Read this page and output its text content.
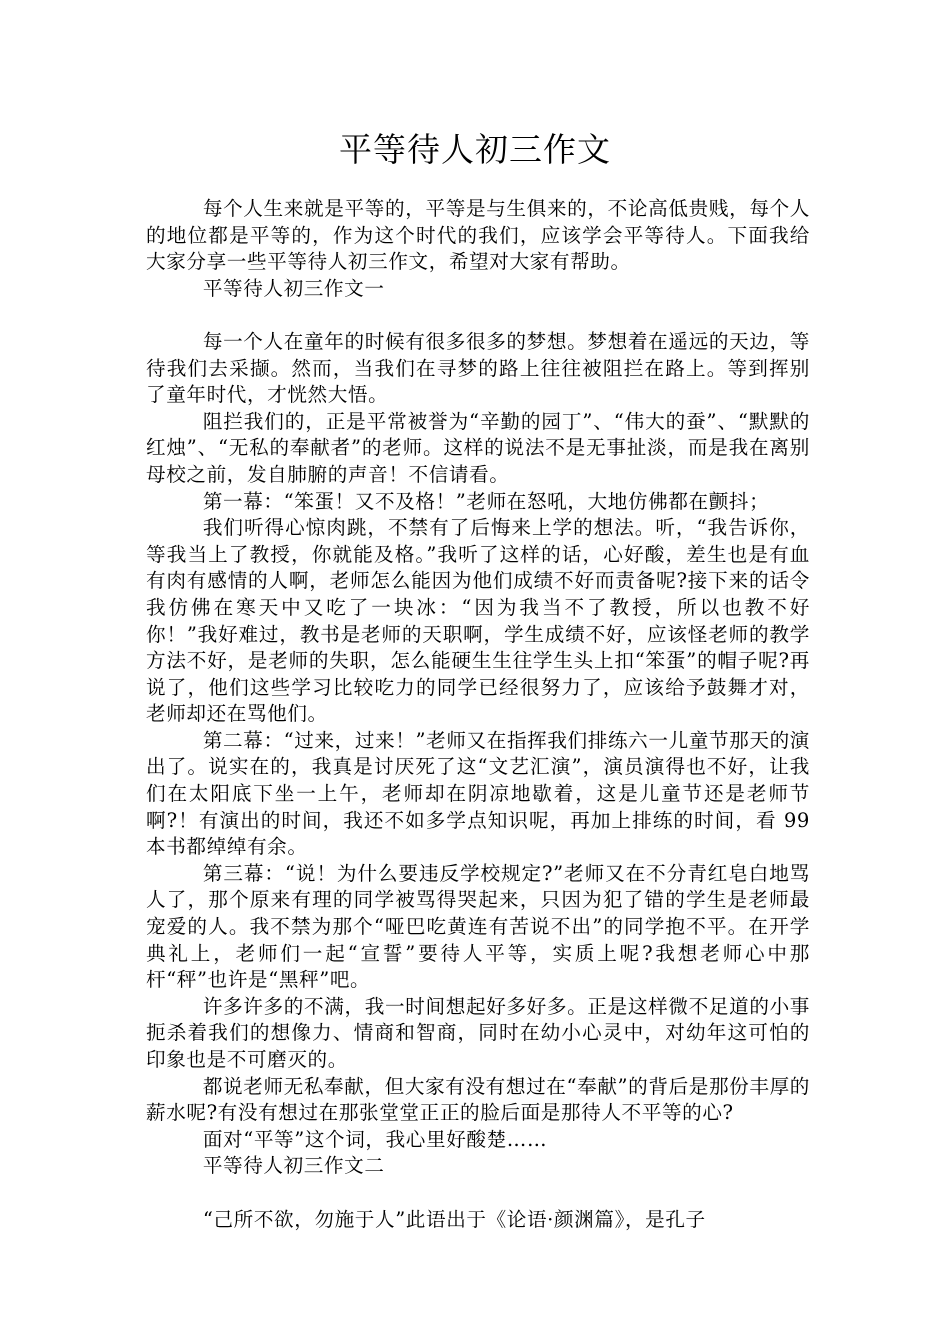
平等待人初三作文

每个人生来就是平等的，平等是与生俱来的，不论高低贵贱，每个人的地位都是平等的，作为这个时代的我们，应该学会平等待人。下面我给大家分享一些平等待人初三作文，希望对大家有帮助。

平等待人初三作文一

每一个人在童年的时候有很多很多的梦想。梦想着在遥远的天边，等待我们去采撷。然而，当我们在寻梦的路上往往被阻拦在路上。等到挥别了童年时代，才恍然大悟。

阻拦我们的，正是平常被誉为“辛勤的园丁”、“伟大的蚕”、“默默的红烛”、“无私的奉献者”的老师。这样的说法不是无事扯淡，而是我在离别母校之前，发自肺腑的声音！不信请看。

第一幕：“笨蛋！又不及格！”老师在怒吼，大地仿佛都在颤抖；

我们听得心惊肉跳，不禁有了后悔来上学的想法。听，“我告诉你，等我当上了教授，你就能及格。”我听了这样的话，心好酸，差生也是有血有肉有感情的人啊，老师怎么能因为他们成绩不好而责备呢?接下来的话令我仿佛在寒天中又吃了一块冰：“因为我当不了教授，所以也教不好你！”我好难过，教书是老师的天职啊，学生成绩不好，应该怪老师的教学方法不好，是老师的失职，怎么能硬生生往学生头上扣“笨蛋”的帽子呢?再说了，他们这些学习比较吃力的同学已经很努力了，应该给予鼓舞才对，老师却还在骂他们。

第二幕：“过来，过来！”老师又在指挥我们排练六一儿童节那天的演出了。说实在的，我真是讨厌死了这“文艺汇演”，演员演得也不好，让我们在太阳底下坐一上午，老师却在阴凉地歇着，这是儿童节还是老师节啊?！有演出的时间，我还不如多学点知识呢，再加上排练的时间，看 99 本书都绰绰有余。

第三幕：“说！为什么要违反学校规定?”老师又在不分青红皂白地骂人了，那个原来有理的同学被骂得哭起来，只因为犯了错的学生是老师最宠爱的人。我不禁为那个“哑巴吃黄连有苦说不出”的同学抱不平。在开学典礼上，老师们一起“宣誓”要待人平等，实质上呢?我想老师心中那杆“秤”也许是“黑秤”吧。

许多许多的不满，我一时间想起好多好多。正是这样微不足道的小事扼杀着我们的想像力、情商和智商，同时在幼小心灵中，对幼年这可怕的印象也是不可磨灭的。

都说老师无私奉献，但大家有没有想过在“奉献”的背后是那份丰厚的薪水呢?有没有想过在那张堂堂正正的脸后面是那待人不平等的心?

面对“平等”这个词，我心里好酸楚……

平等待人初三作文二

“己所不欲，勿施于人”此语出于《论语·颜渊篇》，是孔子
